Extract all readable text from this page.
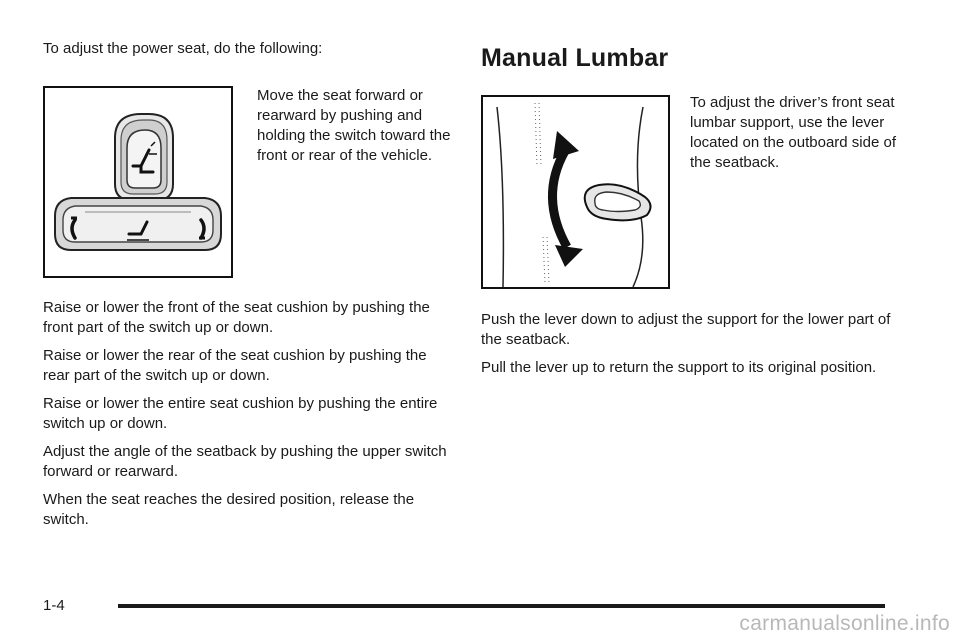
To adjust the power seat, do the following:

Move the seat forward or rearward by pushing and holding the switch toward the front or rear of the vehicle.

Raise or lower the front of the seat cushion by pushing the front part of the switch up or down.

Raise or lower the rear of the seat cushion by pushing the rear part of the switch up or down.

Raise or lower the entire seat cushion by pushing the entire switch up or down.

Adjust the angle of the seatback by pushing the upper switch forward or rearward.

When the seat reaches the desired position, release the switch.

Manual Lumbar

To adjust the driver’s front seat lumbar support, use the lever located on the outboard side of the seatback.

Push the lever down to adjust the support for the lower part of the seatback.

Pull the lever up to return the support to its original position.

1-4
carmanualsonline.info
